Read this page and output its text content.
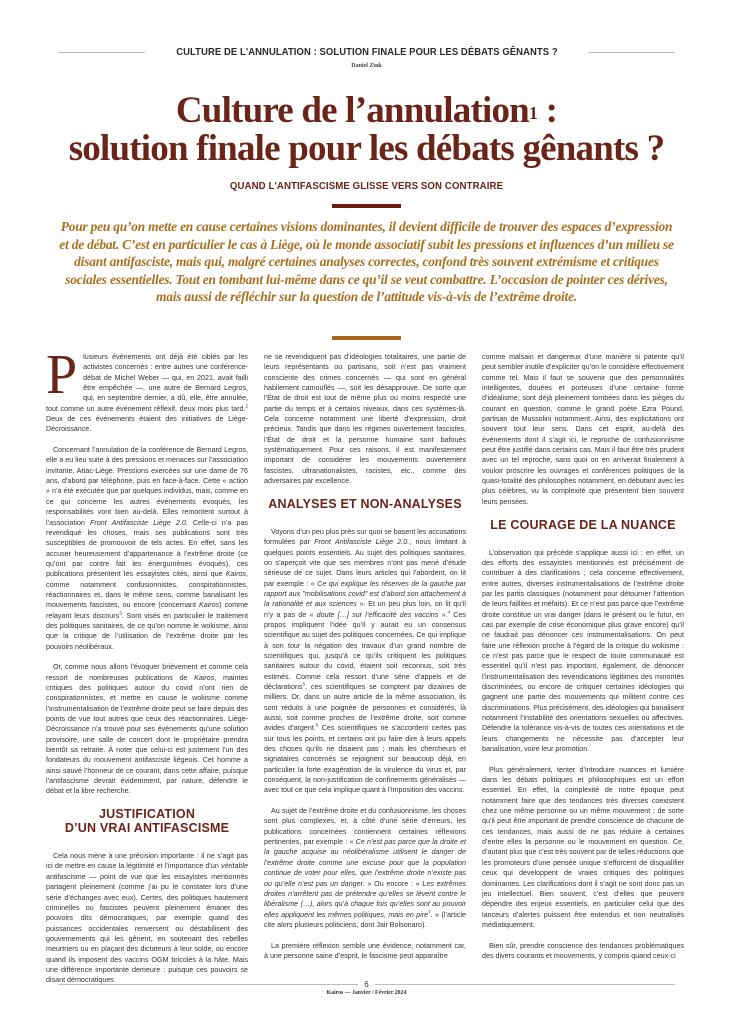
CULTURE DE L'ANNULATION : SOLUTION FINALE POUR LES DÉBATS GÊNANTS ?
Daniel Zink
Culture de l’annulation$^1$ :
solution finale pour les débats gênants ?
QUAND L'ANTIFASCISME GLISSE VERS SON CONTRAIRE

Pour peu qu’on mette en cause certaines visions dominantes, il devient difficile de trouver des espaces d’expression et de débat. C’est en particulier le cas à Liège, où le monde associatif subit les pressions et influences d’un milieu se disant antifasciste, mais qui, malgré certaines analyses correctes, confond très souvent extrémisme et critiques sociales essentielles. Tout en tombant lui-même dans ce qu’il se veut combattre. L’occasion de pointer ces dérives, mais aussi de réfléchir sur la question de l’attitude vis-à-vis de l’extrême droite.

Plusieurs événements ont déjà été ciblés par les activistes concernés : entre autres une conférence-débat de Michel Weber — qui, en 2021, avait failli être empêchée —, une autre de Bernard Legros, qui, en septembre dernier, a dû, elle, être annulée, tout comme un autre événement réflexif, deux mois plus tard.$^2$ Deux de ces événements étaient des initiatives de Liège-Décroissance.

Concernant l’annulation de la conférence de Bernard Legros, elle a eu lieu suite à des pressions et menaces sur l’association invitante, Attac-Liège. Pressions exercées sur une dame de 76 ans, d’abord par téléphone, puis en face-à-face. Cette « action » n’a été exécutée que par quelques individus, mais, comme en ce qui concerne les autres événements évoqués, les responsabilités vont bien au-delà. Elles remontent surtout à l’association Front Antifasciste Liège 2.0. Celle-ci n’a pas revendiqué les choses, mais ses publications sont très susceptibles de promouvoir de tels actes. En effet, sans les accuser heureusement d’appartenance à l’extrême droite (ce qu’ont par contre fait les énergumènes évoqués), ces publications présentent les essayistes cités, ainsi que Kairos, comme notamment confusionnistes, conspirationnistes, réactionnaires et, dans le même sens, comme banalisant les mouvements fascistes, ou encore (concernant Kairos) comme relayant leurs discours$^3$. Sont visés en particulier le traitement des politiques sanitaires, de ce qu’on nomme le wokisme, ainsi que la critique de l’utilisation de l’extrême droite par les pouvoirs néolibéraux.

Or, comme nous allons l’évoquer brièvement et comme cela ressort de nombreuses publications de Kairos, maintes critiques des politiques autour du covid n’ont rien de conspirationnistes, et mettre en cause le wokisme comme l’instrumentalisation de l’extrême droite peut se faire depuis des points de vue tout autres que ceux des réactionnaires. Liège-Décroissance n’a trouvé pour ses événements qu’une solution provisoire, une salle de concert dont le propriétaire prendra bientôt sa retraite. À noter que celui-ci est justement l’un des fondateurs du mouvement antifasciste liégeois. Cet homme a ainsi sauvé l’honneur de ce courant, dans cette affaire, puisque l’antifascisme devrait évidemment, par nature, défendre le débat et la libre recherche.

JUSTIFICATION
D’UN VRAI ANTIFASCISME

Cela nous mène à une précision importante : il ne s’agit pas ici de mettre en cause la légitimité et l’importance d’un véritable antifascisme — point de vue que les essayistes mentionnés partagent pleinement (comme j’ai pu le constater lors d’une série d’échanges avec eux). Certes, des politiques hautement criminelles ou fascistes peuvent pleinement émaner des pouvoirs dits démocratiques, par exemple quand des puissances occidentales renversent ou déstabilisent des gouvernements qui les gênent, en soutenant des rebelles meurtriers ou en plaçant des dictateurs à leur solde, ou encore quand ils imposent des vaccins OGM bricolés à la hâte. Mais une différence importante demeure : puisque ces pouvoirs se disant démocratiques

ne se revendiquent pas d’idéologies totalitaires, une partie de leurs représentants ou partisans, soit n’est pas vraiment consciente des crimes concernés — qui sont en général habilement camouflés —, soit les désapprouve. De sorte que l’État de droit est tout de même plus ou moins respecté une partie du temps et à certains niveaux, dans ces systèmes-là. Cela concerne notamment une liberté d’expression, droit précieux. Tandis que dans les régimes ouvertement fascistes, l’État de droit et la personne humaine sont bafoués systématiquement. Pour ces raisons, il est manifestement important de considérer les mouvements ouvertement fascistes, ultranationalistes, racistes, etc., comme des adversaires par excellence.

ANALYSES ET NON-ANALYSES

Voyons d’un peu plus près sur quoi se basent les accusations formulées par Front Antifasciste Liège 2.0., nous limitant à quelques points essentiels. Au sujet des politiques sanitaires, on s’aperçoit vite que ses membres n’ont pas mené d’étude sérieuse de ce sujet. Dans leurs articles qui l’abordent, on lit par exemple : « Ce qui explique les réserves de la gauche par rapport aux "mobilisations covid" est d’abord son attachement à la rationalité et aux sciences ». Et un peu plus loin, on lit qu’il n’y a pas de « doute […] sur l’efficacité des vaccins ».$^4$ Ces propos impliquent l’idée qu’il y aurait eu un consensus scientifique au sujet des politiques concernées. Ce qui implique à son tour la négation des travaux d’un grand nombre de scientifiques qui, jusqu’à ce qu’ils critiquent les politiques sanitaires autour du covid, étaient soit reconnus, soit très estimés. Comme cela ressort d’une série d’appels et de déclarations$^5$, ces scientifiques se comptent par dizaines de milliers. Or, dans un autre article de la même association, ils sont réduits à une poignée de personnes et considérés, là aussi, soit comme proches de l’extrême droite, soit comme avides d’argent.$^6$ Ces scientifiques ne s’accordent certes pas sur tous les points, et certains ont pu faire dire à leurs appels des choses qu’ils ne disaient pas ; mais les chercheurs et signataires concernés se rejoignent sur beaucoup déjà, en particulier la forte exagération de la virulence du virus et, par conséquent, la non-justification de confinements généralisés — avec tout ce que cela implique quant à l’imposition des vaccins.

Au sujet de l’extrême droite et du confusionnisme, les choses sont plus complexes, et, à côté d’une série d’erreurs, les publications concernées contiennent certaines réflexions pertinentes, par exemple : « Ce n’est pas parce que la droite et la gauche acquise au néolibéralisme utilisent le danger de l’extrême droite comme une excuse pour que la population continue de voter pour elles, que l’extrême droite n’existe pas ou qu’elle n’est pas un danger. » Ou encore : « Les extrêmes droites n’arrêtent pas de prétendre qu’elles se lèvent contre le libéralisme (…), alors qu’à chaque fois qu’elles sont au pouvoir elles appliquent les mêmes politiques, mais en pire$^7$. » (l’article cite alors plusieurs politiciens, dont Jair Bolsonaro).

La première réflexion semble une évidence, notamment car, à une personne saine d’esprit, le fascisme peut apparaître

comme malsain et dangereux d’une manière si patente qu’il peut sembler inutile d’expliciter qu’on le considère effectivement comme tel. Mais il faut se souvenir que des personnalités intelligentes, douées et porteuses d’une certaine forme d’idéalisme, sont déjà pleinement tombées dans les pièges du courant en question, comme le grand poète Ezra Pound, partisan de Mussolini notamment. Ainsi, des explicitations ont souvent tout leur sens. Dans cet esprit, au-delà des événements dont il s’agit ici, le reproche de confusionnisme peut être justifié dans certains cas. Mais il faut être très prudent avec un tel reproche, sans quoi on en arriverait finalement à vouloir proscrire les ouvrages et conférences politiques de la quasi-totalité des philosophes notamment, en débutant avec les plus célèbres, vu la complexité que présentent bien souvent leurs pensées.

LE COURAGE DE LA NUANCE

L’observation qui précède s’applique aussi ici : en effet, un des efforts des essayistes mentionnés est précisément de contribuer à des clarifications ; cela concerne effectivement, entre autres, diverses instrumentalisations de l’extrême droite par les partis classiques (notamment pour détourner l’attention de leurs faillites et méfaits). Et ce n’est pas parce que l’extrême droite constitue un vrai danger (dans le présent ou le futur, en cas par exemple de crise économique plus grave encore) qu’il ne faudrait pas dénoncer ces instrumentalisations. On peut faire une réflexion proche à l’égard de la critique du wokisme : ce n’est pas parce que le respect de toute communauté est essentiel qu’il n’est pas important, également, de dénoncer l’instrumentalisation des revendications légitimes des minorités discriminées, ou encore de critiquer certaines idéologies qui gagnent une partie des mouvements qui militent contre ces discriminations. Plus précisément, des idéologies qui banalisent notamment l’instabilité des orientations sexuelles ou affectives. Défendre la tolérance vis-à-vis de toutes ces orientations et de leurs changements ne nécessite pas d’accepter leur banalisation, voire leur promotion.

Plus généralement, tenter d’introduire nuances et lumière dans les débats politiques et philosophiques est un effort essentiel. En effet, la complexité de notre époque peut notamment faire que des tendances très diverses coexistent chez une même personne ou un même mouvement ; de sorte qu’il peut être important de prendre conscience de chacune de ces tendances, mais aussi de ne pas réduire à certaines d’entre elles la personne ou le mouvement en question. Ce, d’autant plus que c’est très souvent par de telles réductions que les promoteurs d’une pensée unique s’efforcent de disqualifier ceux qui développent de vraies critiques des politiques dominantes. Les clarifications dont il s’agit ne sont donc pas un jeu intellectuel. Bien souvent, c’est d’elles que peuvent dépendre des enjeux essentiels, en particulier celui que des lanceurs d’alertes puissent être entendus et non neutralisés médiatiquement.

Bien sûr, prendre conscience des tendances problématiques des divers courants et mouvements, y compris quand ceux-ci

6
Kairos — Janvier / Février 2024
